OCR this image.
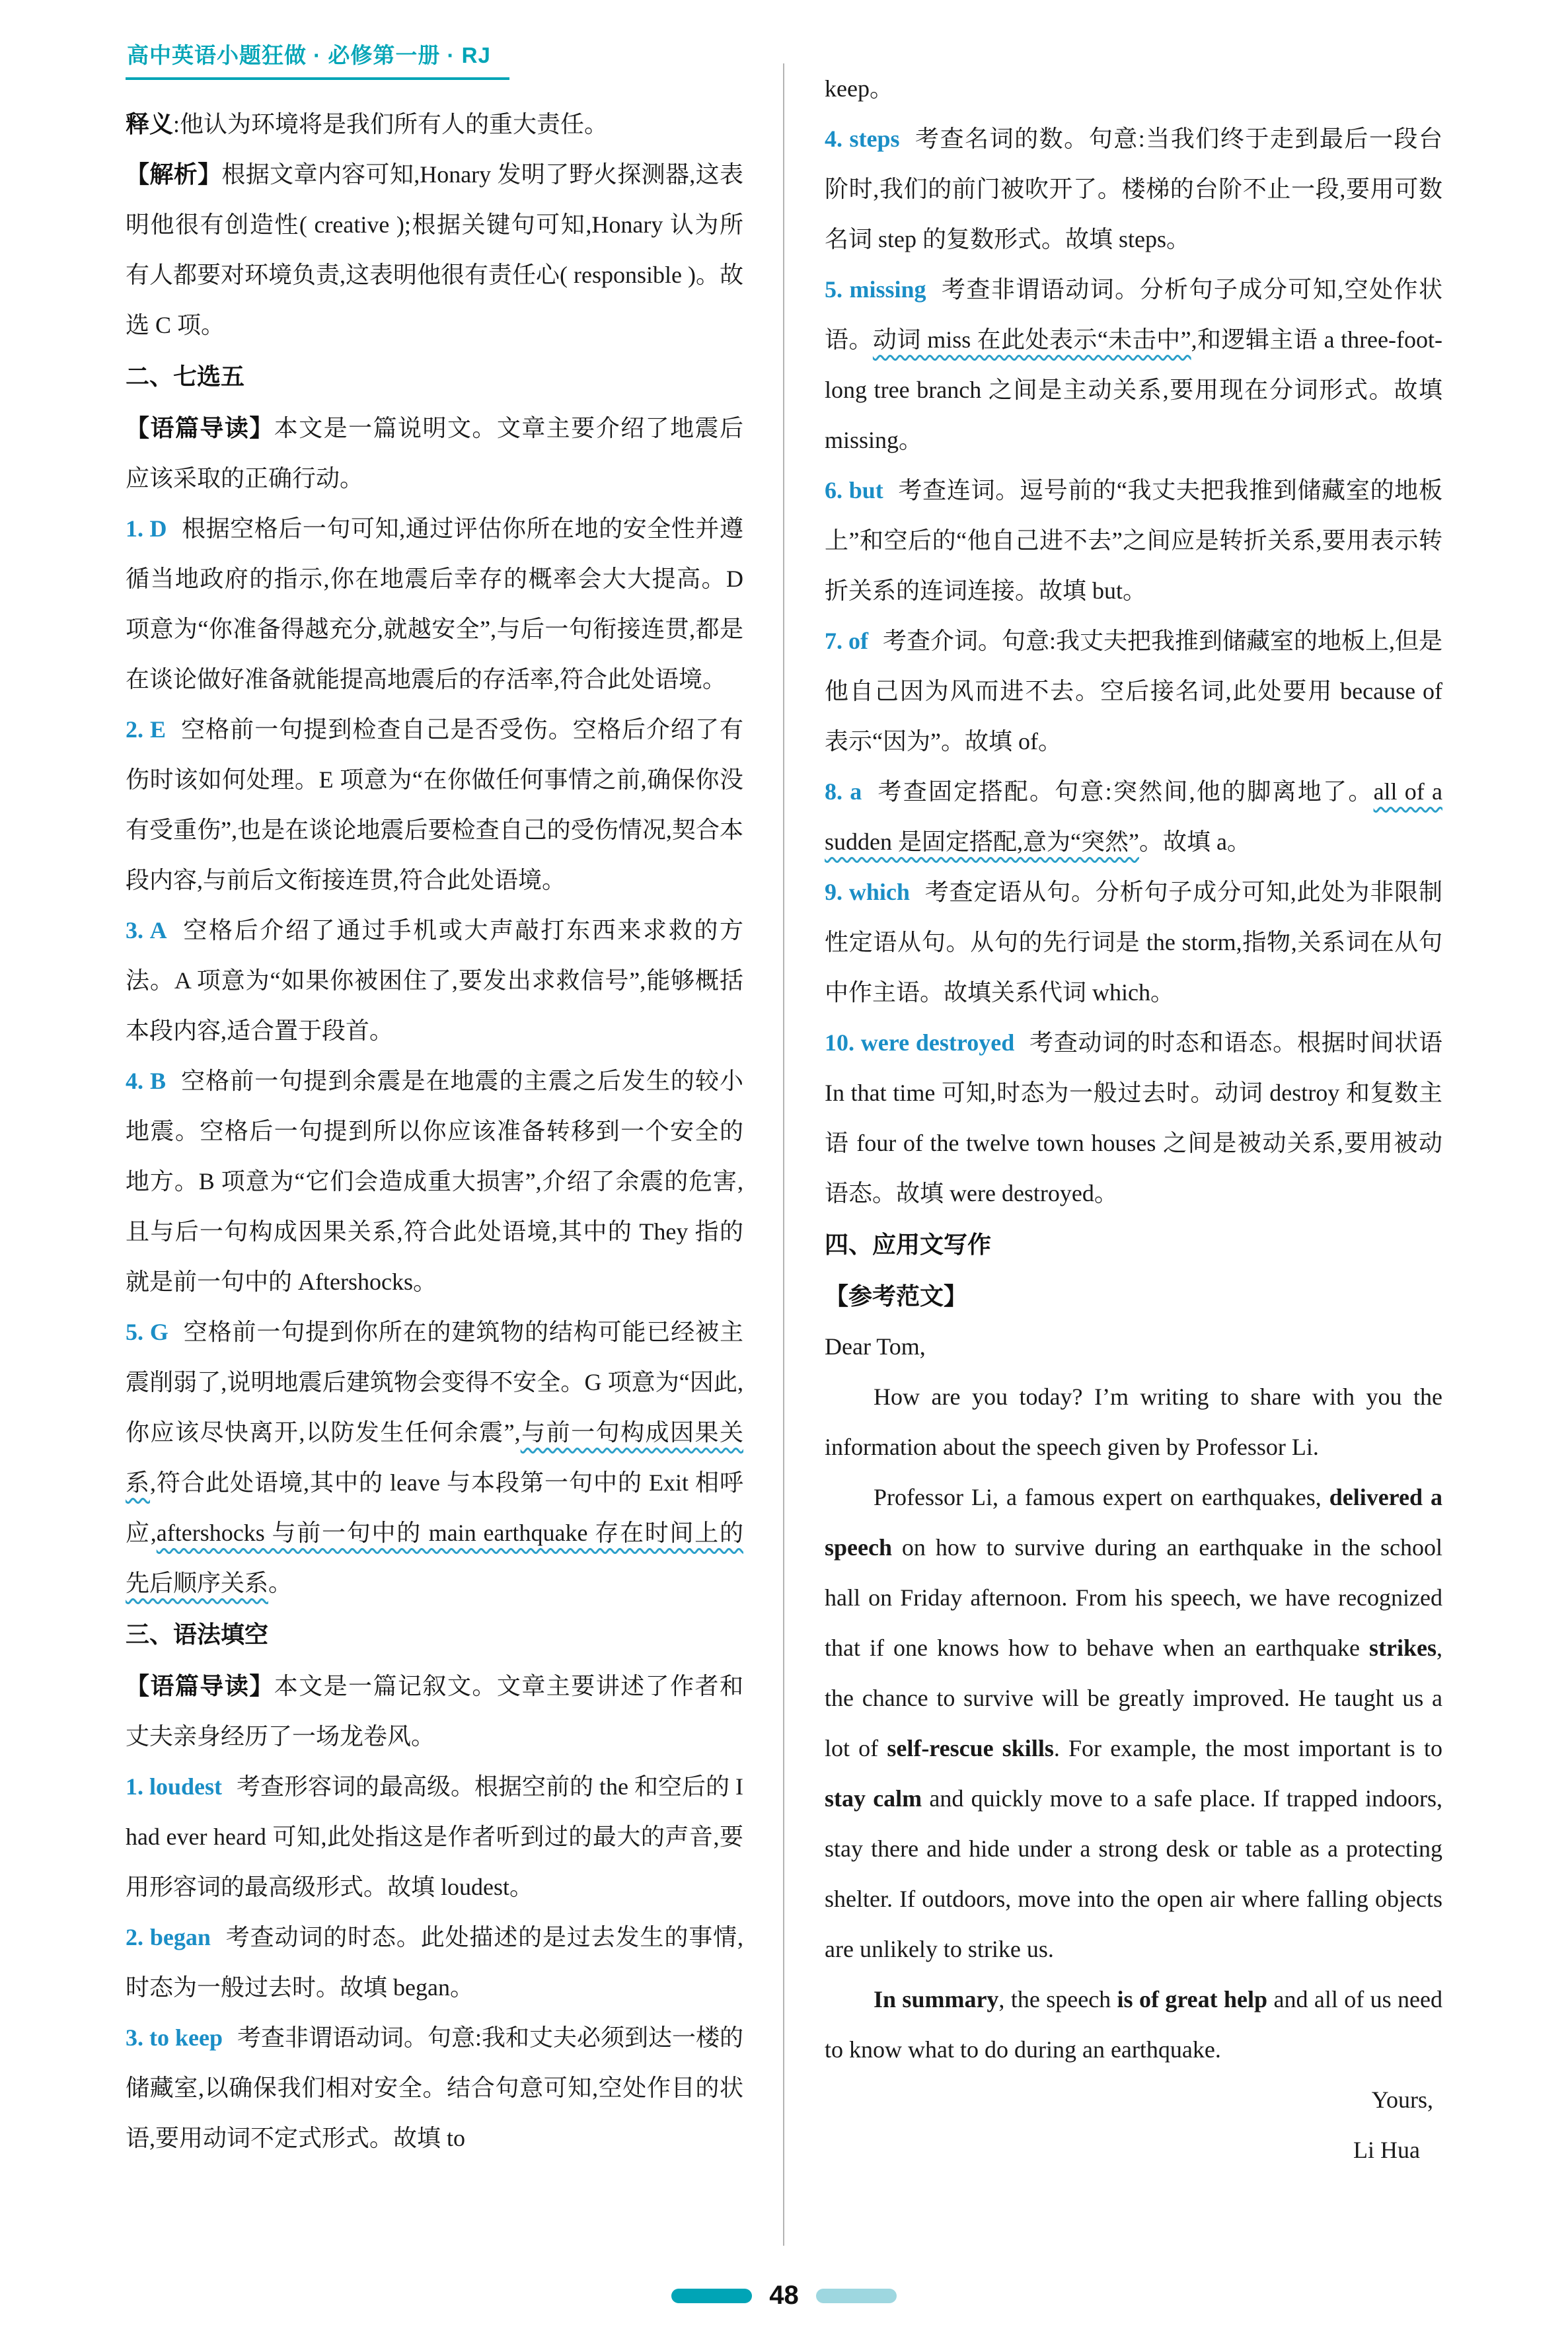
高中英语小题狂做 · 必修第一册 · RJ

释义:他认为环境将是我们所有人的重大责任。

【解析】根据文章内容可知,Honary 发明了野火探测器,这表明他很有创造性( creative );根据关键句可知,Honary 认为所有人都要对环境负责,这表明他很有责任心( responsible )。故选 C 项。

二、七选五

【语篇导读】本文是一篇说明文。文章主要介绍了地震后应该采取的正确行动。

1. D 根据空格后一句可知,通过评估你所在地的安全性并遵循当地政府的指示,你在地震后幸存的概率会大大提高。D 项意为“你准备得越充分,就越安全”,与后一句衔接连贯,都是在谈论做好准备就能提高地震后的存活率,符合此处语境。

2. E 空格前一句提到检查自己是否受伤。空格后介绍了有伤时该如何处理。E 项意为“在你做任何事情之前,确保你没有受重伤”,也是在谈论地震后要检查自己的受伤情况,契合本段内容,与前后文衔接连贯,符合此处语境。

3. A 空格后介绍了通过手机或大声敲打东西来求救的方法。A 项意为“如果你被困住了,要发出求救信号”,能够概括本段内容,适合置于段首。

4. B 空格前一句提到余震是在地震的主震之后发生的较小地震。空格后一句提到所以你应该准备转移到一个安全的地方。B 项意为“它们会造成重大损害”,介绍了余震的危害,且与后一句构成因果关系,符合此处语境,其中的 They 指的就是前一句中的 Aftershocks。

5. G 空格前一句提到你所在的建筑物的结构可能已经被主震削弱了,说明地震后建筑物会变得不安全。G 项意为“因此,你应该尽快离开,以防发生任何余震”,与前一句构成因果关系,符合此处语境,其中的 leave 与本段第一句中的 Exit 相呼应,aftershocks 与前一句中的 main earthquake 存在时间上的先后顺序关系。

三、语法填空

【语篇导读】本文是一篇记叙文。文章主要讲述了作者和丈夫亲身经历了一场龙卷风。

1. loudest 考查形容词的最高级。根据空前的 the 和空后的 I had ever heard 可知,此处指这是作者听到过的最大的声音,要用形容词的最高级形式。故填 loudest。

2. began 考查动词的时态。此处描述的是过去发生的事情,时态为一般过去时。故填 began。

3. to keep 考查非谓语动词。句意:我和丈夫必须到达一楼的储藏室,以确保我们相对安全。结合句意可知,空处作目的状语,要用动词不定式形式。故填 to

keep。

4. steps 考查名词的数。句意:当我们终于走到最后一段台阶时,我们的前门被吹开了。楼梯的台阶不止一段,要用可数名词 step 的复数形式。故填 steps。

5. missing 考查非谓语动词。分析句子成分可知,空处作状语。动词 miss 在此处表示“未击中”,和逻辑主语 a three-foot-long tree branch 之间是主动关系,要用现在分词形式。故填 missing。

6. but 考查连词。逗号前的“我丈夫把我推到储藏室的地板上”和空后的“他自己进不去”之间应是转折关系,要用表示转折关系的连词连接。故填 but。

7. of 考查介词。句意:我丈夫把我推到储藏室的地板上,但是他自己因为风而进不去。空后接名词,此处要用 because of 表示“因为”。故填 of。

8. a 考查固定搭配。句意:突然间,他的脚离地了。all of a sudden 是固定搭配,意为“突然”。故填 a。

9. which 考查定语从句。分析句子成分可知,此处为非限制性定语从句。从句的先行词是 the storm,指物,关系词在从句中作主语。故填关系代词 which。

10. were destroyed 考查动词的时态和语态。根据时间状语 In that time 可知,时态为一般过去时。动词 destroy 和复数主语 four of the twelve town houses 之间是被动关系,要用被动语态。故填 were destroyed。

四、应用文写作

【参考范文】

Dear Tom,

How are you today? I’m writing to share with you the information about the speech given by Professor Li.

Professor Li, a famous expert on earthquakes, delivered a speech on how to survive during an earthquake in the school hall on Friday afternoon. From his speech, we have recognized that if one knows how to behave when an earthquake strikes, the chance to survive will be greatly improved. He taught us a lot of self-rescue skills. For example, the most important is to stay calm and quickly move to a safe place. If trapped indoors, stay there and hide under a strong desk or table as a protecting shelter. If outdoors, move into the open air where falling objects are unlikely to strike us.

In summary, the speech is of great help and all of us need to know what to do during an earthquake.

Yours,

Li Hua

48
